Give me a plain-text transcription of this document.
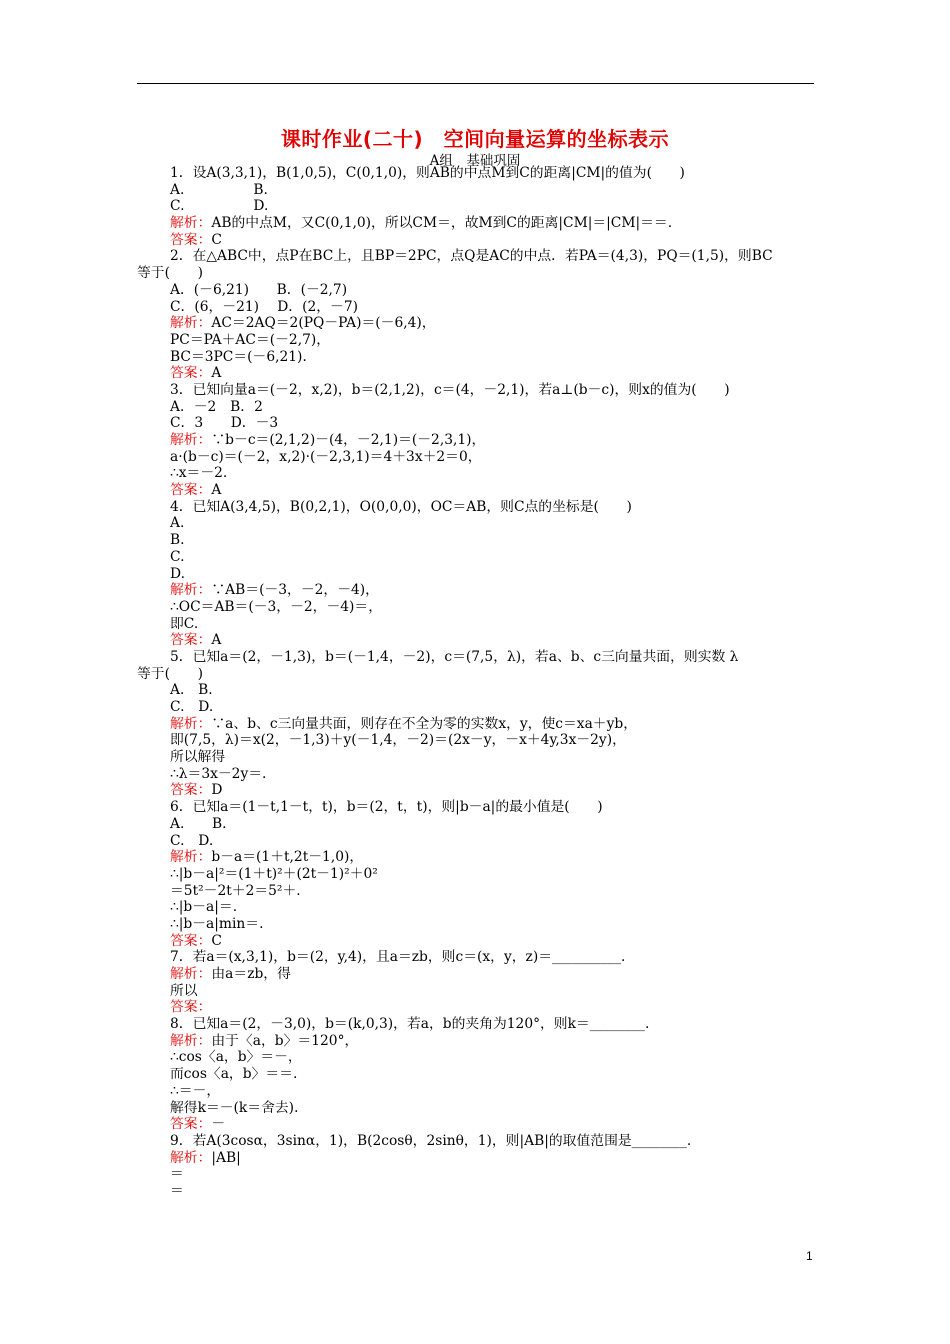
课时作业(二十)　空间向量运算的坐标表示
A组　基础巩固
1．设A(3,3,1)，B(1,0,5)，C(0,1,0)，则AB的中点M到C的距离|CM|的值为(　　)
A.　　　　　B.
C.　　　　　D.
解析：AB的中点M，又C(0,1,0)，所以CM＝，故M到C的距离|CM|＝|CM|＝＝.
答案：C
2．在△ABC中，点P在BC上，且BP＝2PC，点Q是AC的中点．若PA＝(4,3)，PQ＝(1,5)，则BC
等于(　　)
A．(－6,21)　　B．(－2,7)
C．(6，－21)　 D．(2，－7)
解析：AC＝2AQ＝2(PQ－PA)＝(－6,4)，
PC＝PA＋AC＝(－2,7)，
BC＝3PC＝(－6,21)．
答案：A
3．已知向量a＝(－2，x,2)，b＝(2,1,2)，c＝(4，－2,1)，若a⊥(b－c)，则x的值为(　　)
A．－2　B．2
C．3　　D．－3
解析：∵b－c＝(2,1,2)－(4，－2,1)＝(－2,3,1)，
a·(b－c)＝(－2，x,2)·(－2,3,1)＝4＋3x＋2＝0，
∴x＝－2.
答案：A
4．已知A(3,4,5)，B(0,2,1)，O(0,0,0)，OC＝AB，则C点的坐标是(　　)
A.
B.
C.
D.
解析：∵AB＝(－3，－2，－4)，
∴OC＝AB＝(－3，－2，－4)＝，
即C.
答案：A
5．已知a＝(2，－1,3)，b＝(－1,4，－2)，c＝(7,5，λ)，若a、b、c三向量共面，则实数 λ
等于(　　)
A.　B.
C.　D.
解析：∵a、b、c三向量共面，则存在不全为零的实数x，y，使c＝xa＋yb，
即(7,5，λ)＝x(2，－1,3)＋y(－1,4，－2)＝(2x－y，－x＋4y,3x－2y)，
所以解得
∴λ＝3x－2y＝.
答案：D
6．已知a＝(1－t,1－t，t)，b＝(2，t，t)，则|b－a|的最小值是(　　)
A.　　B.
C.　D.
解析：b－a＝(1＋t,2t－1,0)，
∴|b－a|²＝(1＋t)²＋(2t－1)²＋0²
＝5t²－2t＋2＝5²＋.
∴|b－a|＝.
∴|b－a|min＝.
答案：C
7．若a＝(x,3,1)，b＝(2，y,4)，且a＝zb，则c＝(x，y，z)＝__________.
解析：由a＝zb，得
所以
答案：
8．已知a＝(2，－3,0)，b＝(k,0,3)，若a，b的夹角为120°，则k＝________.
解析：由于〈a，b〉＝120°，
∴cos〈a，b〉＝－，
而cos〈a，b〉＝＝.
∴＝－，
解得k＝－(k＝舍去)．
答案：－
9．若A(3cosα，3sinα，1)，B(2cosθ，2sinθ，1)，则|AB|的取值范围是________.
解析：|AB|
＝
＝
1
